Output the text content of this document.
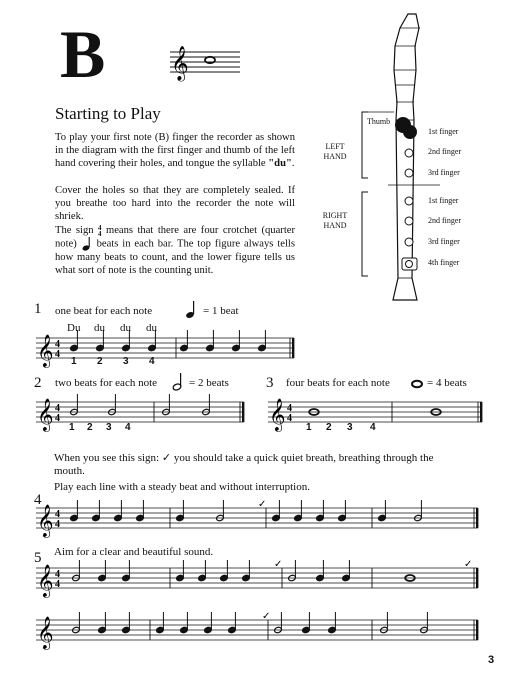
B 𝄞
Starting to Play
To play your first note (B) finger the recorder as shown in the diagram with the first finger and thumb of the left hand covering their holes, and tongue the syllable "du".
Cover the holes so that they are completely sealed. If you breathe too hard into the recorder the note will shriek.
The sign 4
4 means that there are four crotchet (quarter note)  beats in each bar. The top figure always tells how many beats to count, and the lower figure tells us what sort of note is the counting unit.
Thumb
LEFT HAND
RIGHT HAND
1st finger
2nd finger
3rd finger
1st finger
2nd finger
3rd finger
4th finger
1 one beat for each note	= 1 beat
Du du du du
𝄞 4
4
1 2 3 4
2 two beats for each note	= 2 beats
𝄞 4
4
1 2 3 4
3 four beats for each note	= 4 beats
𝄞 4
4
1 2 3 4
When you see this sign: ✓ you should take a quick quiet breath, breathing through the mouth.
Play each line with a steady beat and without interruption.
4
𝄞 4
4
✓
5 Aim for a clear and beautiful sound.
𝄞 4
4
✓	✓
𝄞	✓
3
